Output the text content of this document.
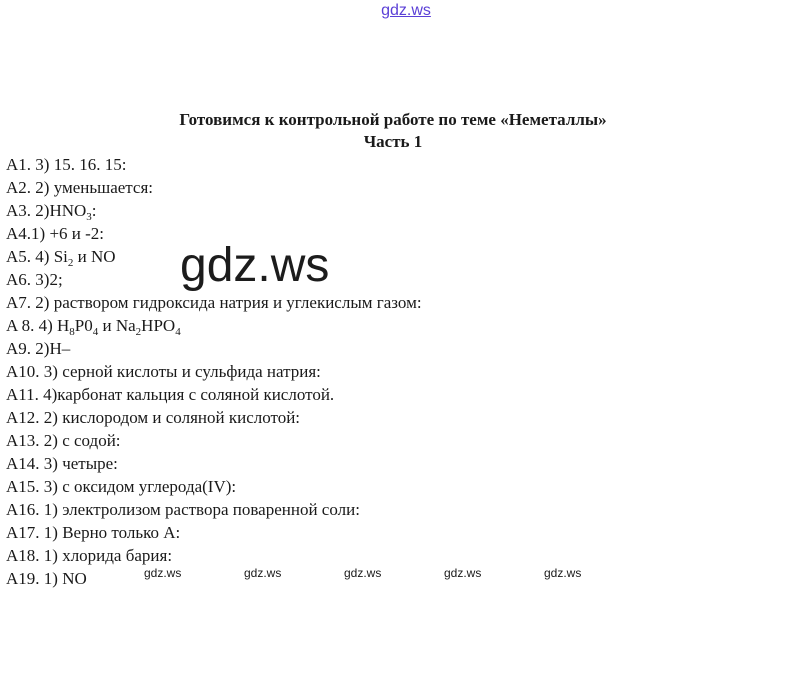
gdz.ws
Готовимся к контрольной работе по теме «Неметаллы»
Часть 1
A1. 3) 15. 16. 15:
A2. 2) уменьшается:
A3. $2)HNO_3$:
A4.1) +6 и -2:
A5. 4) $Si_2$ и NO
A6. 3)2;
A7. 2) раствором гидроксида натрия и углекислым газом:
A 8. 4) $H_8P0_4$ и $Na_2HPO_4$
A9. 2)H–
A10. 3) серной кислоты и сульфида натрия:
A11. 4)карбонат кальция с соляной кислотой.
A12. 2) кислородом и соляной кислотой:
A13. 2) с содой:
A14. 3) четыре:
A15. 3) с оксидом углерода(IV):
A16. 1) электролизом раствора поваренной соли:
A17. 1) Верно только А:
A18. 1) хлорида бария:
A19. 1) NO
gdz.ws
gdz.ws	gdz.ws	gdz.ws	gdz.ws	gdz.ws
